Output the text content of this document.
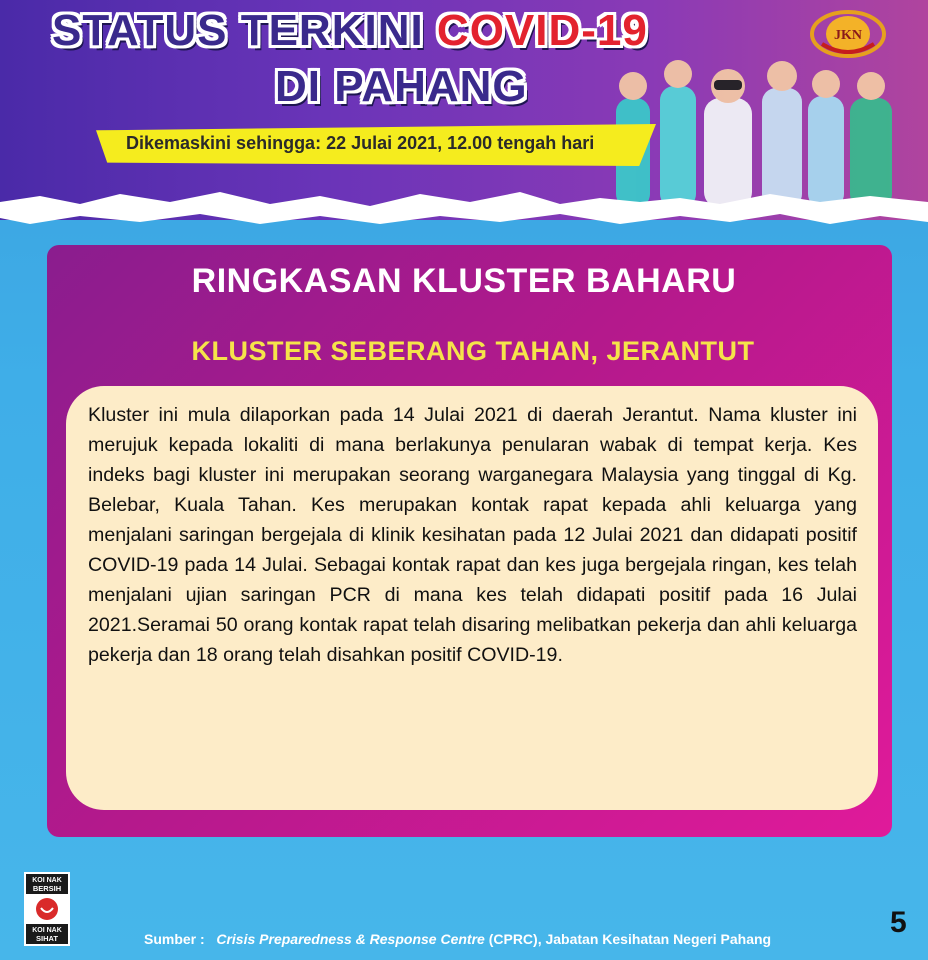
STATUS TERKINI COVID-19
DI PAHANG
Dikemaskini sehingga: 22 Julai 2021, 12.00 tengah hari
JKN
RINGKASAN KLUSTER BAHARU
KLUSTER SEBERANG TAHAN, JERANTUT
Kluster ini mula dilaporkan pada 14 Julai 2021 di daerah Jerantut. Nama kluster ini merujuk kepada lokaliti di mana berlakunya penularan wabak di tempat kerja. Kes indeks bagi kluster ini merupakan seorang warganegara Malaysia yang tinggal di Kg. Belebar, Kuala Tahan. Kes merupakan kontak rapat kepada ahli keluarga yang menjalani saringan bergejala di klinik kesihatan pada 12 Julai 2021 dan didapati positif COVID-19 pada 14 Julai. Sebagai kontak rapat dan kes juga bergejala ringan, kes telah menjalani ujian saringan PCR di mana kes telah didapati positif pada 16 Julai 2021.Seramai 50 orang kontak rapat telah disaring melibatkan pekerja dan ahli keluarga pekerja dan 18 orang telah disahkan positif COVID-19.
KOI NAK
BERSIH
KOI NAK
SIHAT	Sumber : Crisis Preparedness & Response Centre (CPRC), Jabatan Kesihatan Negeri Pahang	5
